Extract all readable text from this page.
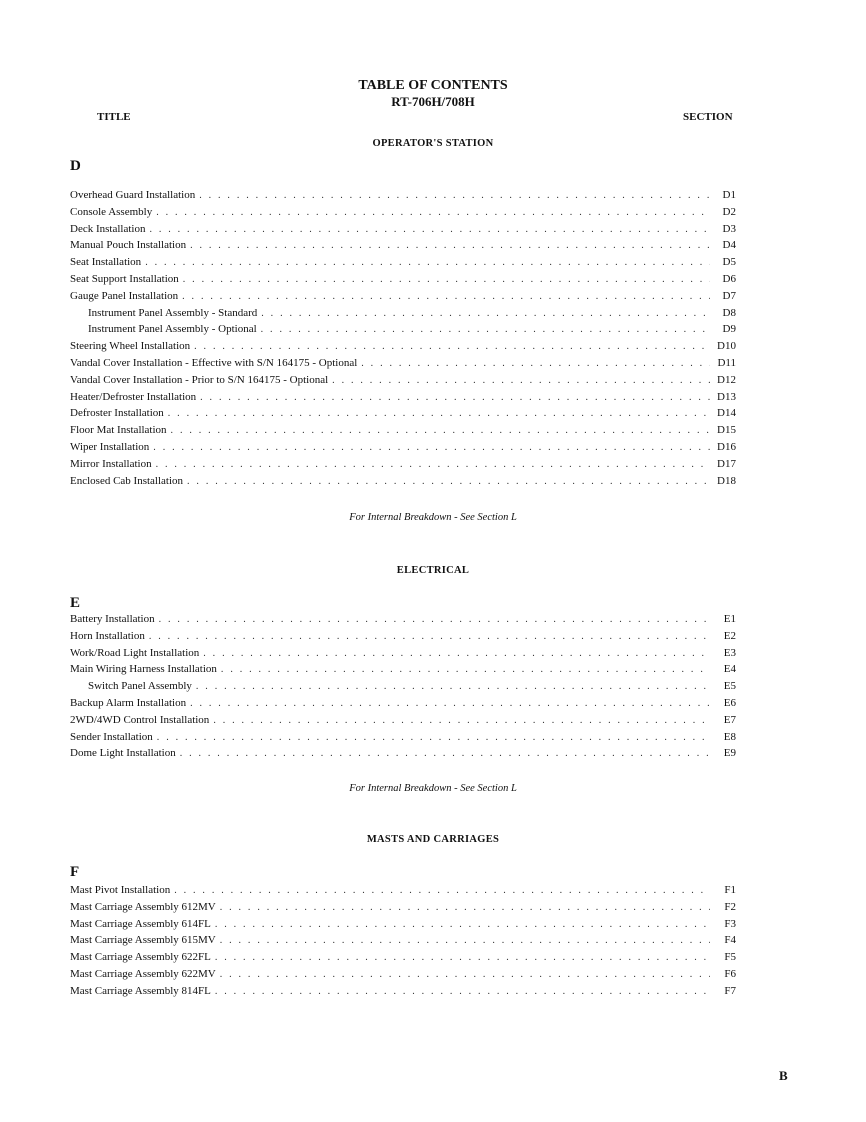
TABLE OF CONTENTS
RT-706H/708H
TITLE	SECTION
OPERATOR'S STATION
D
Overhead Guard Installation . . .	D1
Console Assembly . . .	D2
Deck Installation . . .	D3
Manual Pouch Installation . . .	D4
Seat Installation . . .	D5
Seat Support Installation . . .	D6
Gauge Panel Installation . . .	D7
Instrument Panel Assembly - Standard . . .	D8
Instrument Panel Assembly - Optional . . .	D9
Steering Wheel Installation . . .	D10
Vandal Cover Installation - Effective with S/N 164175 - Optional . . .	D11
Vandal Cover Installation - Prior to S/N 164175 - Optional . . .	D12
Heater/Defroster Installation . . .	D13
Defroster Installation . . .	D14
Floor Mat Installation . . .	D15
Wiper Installation . . .	D16
Mirror Installation . . .	D17
Enclosed Cab Installation . . .	D18
For Internal Breakdown - See Section L
ELECTRICAL
E
Battery Installation . . .	E1
Horn Installation . . .	E2
Work/Road Light Installation . . .	E3
Main Wiring Harness Installation . . .	E4
Switch Panel Assembly . . .	E5
Backup Alarm Installation . . .	E6
2WD/4WD Control Installation . . .	E7
Sender Installation . . .	E8
Dome Light Installation . . .	E9
For Internal Breakdown - See Section L
MASTS AND CARRIAGES
F
Mast Pivot Installation . . .	F1
Mast Carriage Assembly 612MV . . .	F2
Mast Carriage Assembly 614FL . . .	F3
Mast Carriage Assembly 615MV . . .	F4
Mast Carriage Assembly 622FL . . .	F5
Mast Carriage Assembly 622MV . . .	F6
Mast Carriage Assembly 814FL . . .	F7
B
